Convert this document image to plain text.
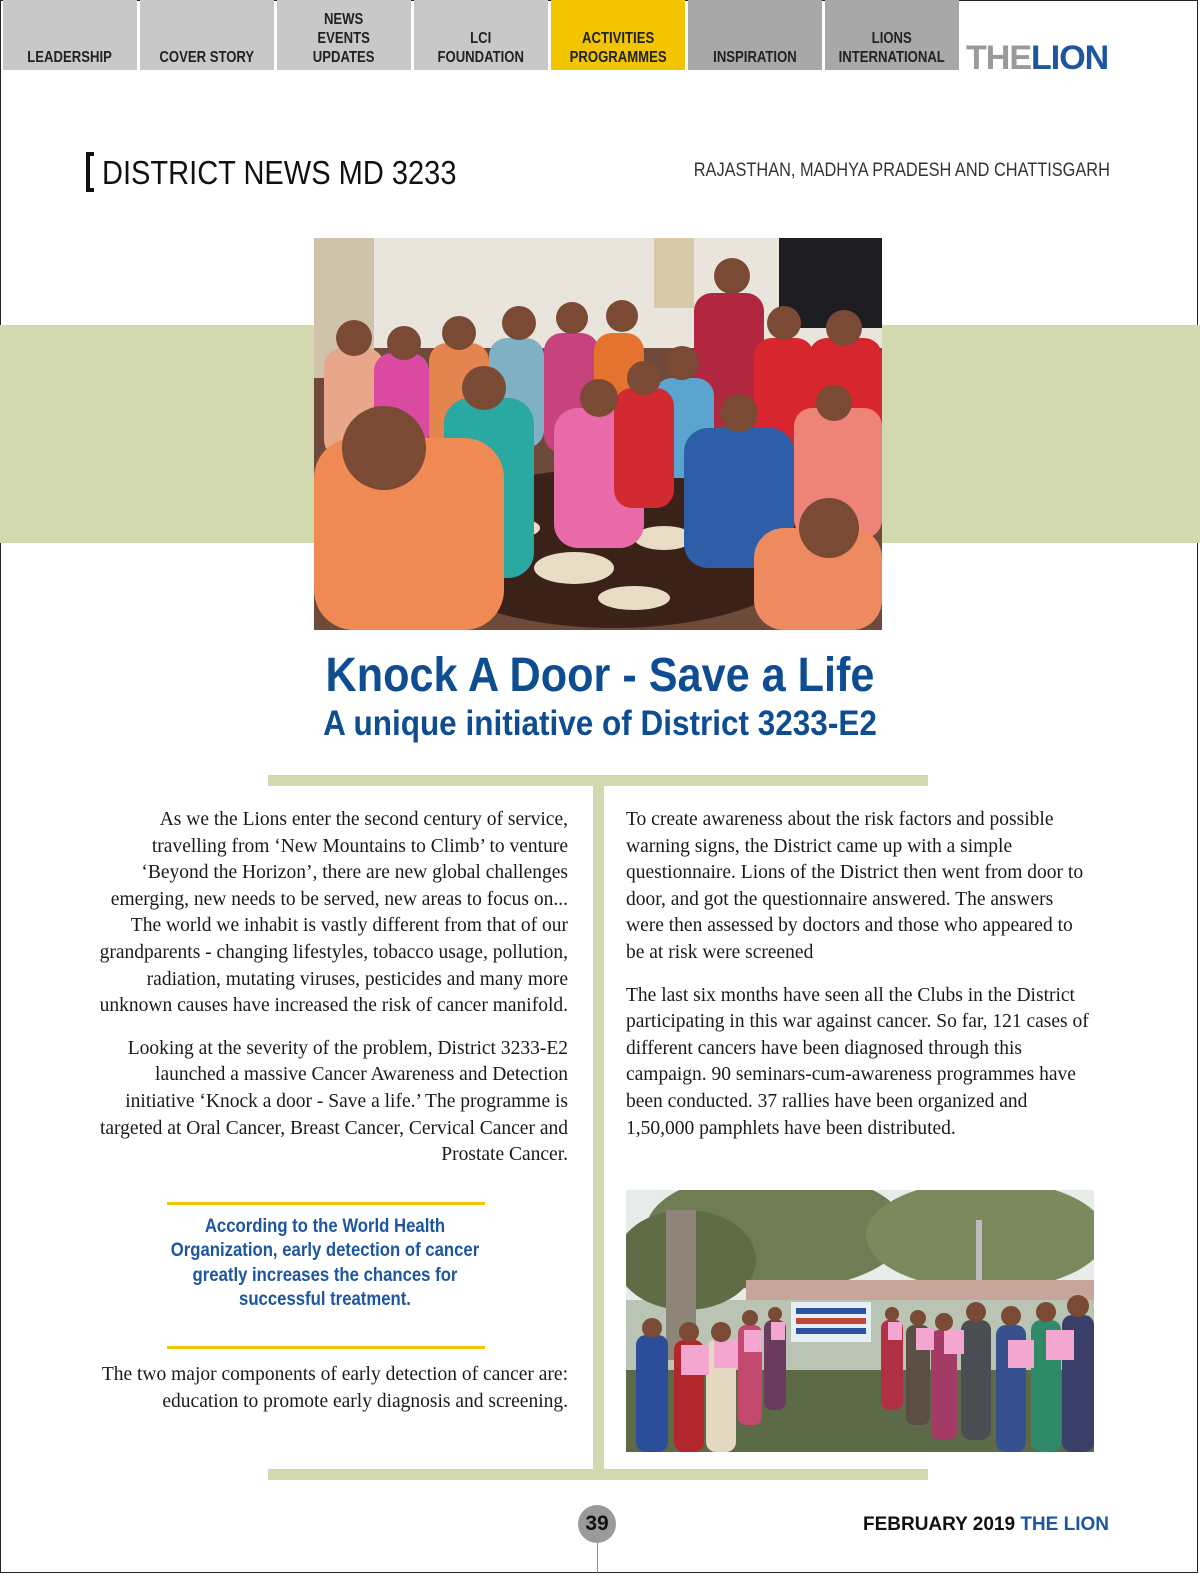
LEADERSHIP	COVER STORY
NEWS
EVENTS
UPDATES
LCI
FOUNDATION
ACTIVITIES
PROGRAMMES	INSPIRATION
LIONS
INTERNATIONAL THELION
DISTRICT NEWS MD 3233	RAJASTHAN, MADHYA PRADESH AND CHATTISGARH
Knock A Door - Save a Life
A unique initiative of District 3233-E2

As we the Lions enter the second century of service, travelling from ‘New Mountains to Climb’ to venture ‘Beyond the Horizon’, there are new global challenges emerging, new needs to be served, new areas to focus on... The world we inhabit is vastly different from that of our grandparents - changing lifestyles, tobacco usage, pollution, radiation, mutating viruses, pesticides and many more unknown causes have increased the risk of cancer manifold.

Looking at the severity of the problem, District 3233-E2 launched a massive Cancer Awareness and Detection initiative ‘Knock a door - Save a life.’ The programme is targeted at Oral Cancer, Breast Cancer, Cervical Cancer and Prostate Cancer.

According to the World Health Organization, early detection of cancer greatly increases the chances for successful treatment.

The two major components of early detection of cancer are: education to promote early diagnosis and screening.

To create awareness about the risk factors and possible warning signs, the District came up with a simple questionnaire. Lions of the District then went from door to door, and got the questionnaire answered. The answers were then assessed by doctors and those who appeared to be at risk were screened

The last six months have seen all the Clubs in the District participating in this war against cancer. So far, 121 cases of different cancers have been diagnosed through this campaign. 90 seminars-cum-awareness programmes have been conducted. 37 rallies have been organized and 1,50,000 pamphlets have been distributed.

39	FEBRUARY 2019 THE LION
